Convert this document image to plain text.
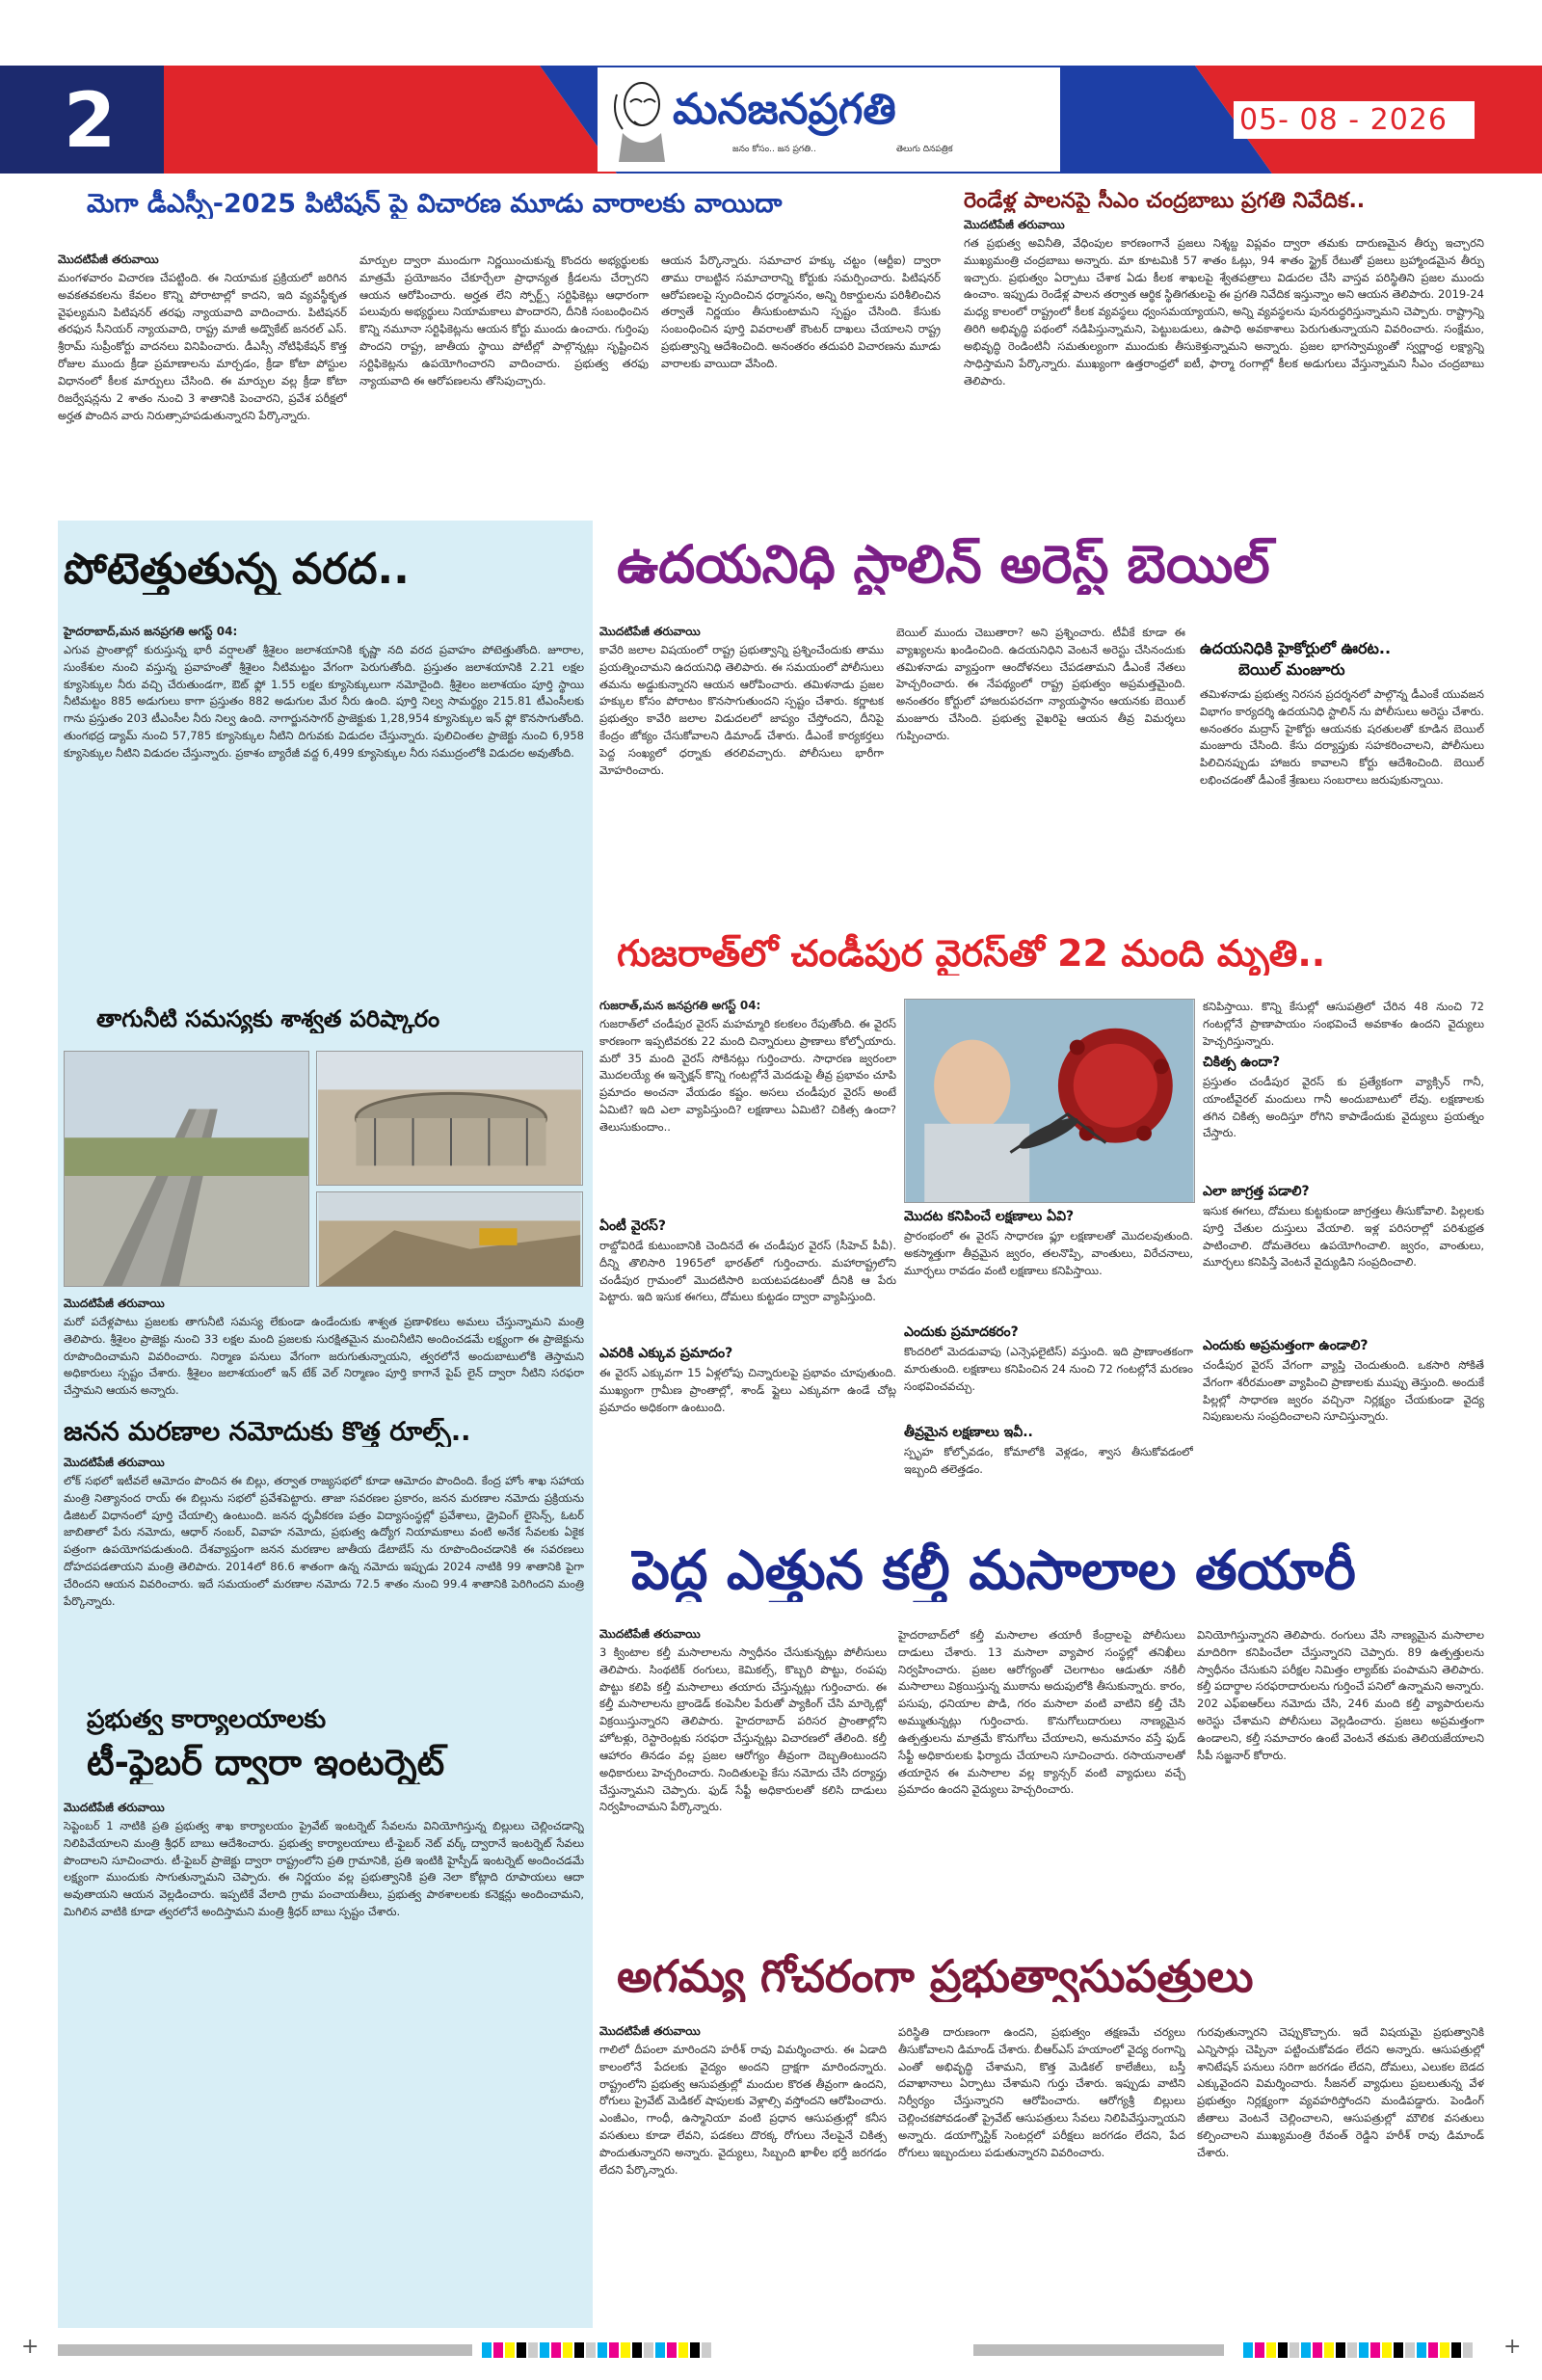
2	మనజనప్రగతి
జనం కోసం.. జన ప్రగతి..	తెలుగు దినపత్రిక
05- 08 - 2026
మెగా డీఎస్సీ-2025 పిటిషన్ పై విచారణ మూడు వారాలకు వాయిదా
మొదటిపేజీ తరువాయి
మంగళవారం విచారణ చేపట్టింది. ఈ నియామక ప్రక్రియలో జరిగిన అవకతవకలను కేవలం కొన్ని పోరాటాల్లో కాదని, ఇది వ్యవస్థీకృత వైఫల్యమని పిటిషనర్ తరఫు న్యాయవాది వాదించారు. పిటిషనర్ తరఫున సీనియర్ న్యాయవాది, రాష్ట్ర మాజీ అడ్వొకేట్ జనరల్ ఎస్. శ్రీరామ్ సుప్రీంకోర్టు వాదనలు వినిపించారు. డీఎస్సీ నోటిఫికేషన్ కొత్త రోజుల ముందు క్రీడా ప్రమాణాలను మార్చడం, క్రీడా కోటా పోస్టుల విధానంలో కీలక మార్పులు చేసింది. ఈ మార్పుల వల్ల క్రీడా కోటా రిజర్వేషన్లను 2 శాతం నుంచి 3 శాతానికి పెంచారని, ప్రవేశ పరీక్షలో అర్హత పొందిన వారు నిరుత్సాహపడుతున్నారని పేర్కొన్నారు.
మార్పుల ద్వారా ముందుగా నిర్ణయించుకున్న కొందరు అభ్యర్థులకు మాత్రమే ప్రయోజనం చేకూర్చేలా ప్రాధాన్యత క్రీడలను చేర్చారని ఆయన ఆరోపించారు. అర్హత లేని స్పోర్ట్స్ సర్టిఫికెట్లు ఆధారంగా పలువురు అభ్యర్థులు నియామకాలు పొందారని, దీనికి సంబంధించిన కొన్ని నమూనా సర్టిఫికెట్లను ఆయన కోర్టు ముందు ఉంచారు. గుర్తింపు పొందని రాష్ట్ర, జాతీయ స్థాయి పోటీల్లో పాల్గొన్నట్లు సృష్టించిన సర్టిఫికెట్లను ఉపయోగించారని వాదించారు. ప్రభుత్వ తరఫు న్యాయవాది ఈ ఆరోపణలను తోసిపుచ్చారు.
ఆయన పేర్కొన్నారు. సమాచార హక్కు చట్టం (ఆర్టీఐ) ద్వారా తాము రాబట్టిన సమాచారాన్ని కోర్టుకు సమర్పించారు. పిటిషనర్ ఆరోపణలపై స్పందించిన ధర్మాసనం, అన్ని రికార్డులను పరిశీలించిన తర్వాతే నిర్ణయం తీసుకుంటామని స్పష్టం చేసింది. కేసుకు సంబంధించిన పూర్తి వివరాలతో కౌంటర్ దాఖలు చేయాలని రాష్ట్ర ప్రభుత్వాన్ని ఆదేశించింది. అనంతరం తదుపరి విచారణను మూడు వారాలకు వాయిదా వేసింది.
రెండేళ్ల పాలనపై సీఎం చంద్రబాబు ప్రగతి నివేదిక..
మొదటిపేజీ తరువాయి
గత ప్రభుత్వ అవినీతి, వేధింపుల కారణంగానే ప్రజలు నిశ్శబ్ద విప్లవం ద్వారా తమకు దారుణమైన తీర్పు ఇచ్చారని ముఖ్యమంత్రి చంద్రబాబు అన్నారు. మా కూటమికి 57 శాతం ఓట్లు, 94 శాతం స్ట్రైక్ రేటుతో ప్రజలు బ్రహ్మాండమైన తీర్పు ఇచ్చారు. ప్రభుత్వం ఏర్పాటు చేశాక ఏడు కీలక శాఖలపై శ్వేతపత్రాలు విడుదల చేసి వాస్తవ పరిస్థితిని ప్రజల ముందు ఉంచాం. ఇప్పుడు రెండేళ్ల పాలన తర్వాత ఆర్థిక స్థితిగతులపై ఈ ప్రగతి నివేదిక ఇస్తున్నాం అని ఆయన తెలిపారు. 2019-24 మధ్య కాలంలో రాష్ట్రంలో కీలక వ్యవస్థలు ధ్వంసమయ్యాయని, అన్ని వ్యవస్థలను పునరుద్ధరిస్తున్నామని చెప్పారు. రాష్ట్రాన్ని తిరిగి అభివృద్ధి పథంలో నడిపిస్తున్నామని, పెట్టుబడులు, ఉపాధి అవకాశాలు పెరుగుతున్నాయని వివరించారు. సంక్షేమం, అభివృద్ధి రెండింటినీ సమతుల్యంగా ముందుకు తీసుకెళ్తున్నామని అన్నారు. ప్రజల భాగస్వామ్యంతో స్వర్ణాంధ్ర లక్ష్యాన్ని సాధిస్తామని పేర్కొన్నారు. ముఖ్యంగా ఉత్తరాంధ్రలో ఐటీ, ఫార్మా రంగాల్లో కీలక అడుగులు వేస్తున్నామని సీఎం చంద్రబాబు తెలిపారు.
పోటెత్తుతున్న వరద..
హైదరాబాద్,మన జనప్రగతి అగస్ట్ 04:
ఎగువ ప్రాంతాల్లో కురుస్తున్న భారీ వర్షాలతో శ్రీశైలం జలాశయానికి కృష్ణా నది వరద ప్రవాహం పోటెత్తుతోంది. జూరాల, సుంకేశుల నుంచి వస్తున్న ప్రవాహంతో శ్రీశైలం నీటిమట్టం వేగంగా పెరుగుతోంది. ప్రస్తుతం జలాశయానికి 2.21 లక్షల క్యూసెక్కుల నీరు వచ్చి చేరుతుండగా, ఔట్ ఫ్లో 1.55 లక్షల క్యూసెక్కులుగా నమోదైంది. శ్రీశైలం జలాశయం పూర్తి స్థాయి నీటిమట్టం 885 అడుగులు కాగా ప్రస్తుతం 882 అడుగుల మేర నీరు ఉంది. పూర్తి నిల్వ సామర్థ్యం 215.81 టీఎంసీలకు గాను ప్రస్తుతం 203 టీఎంసీల నీరు నిల్వ ఉంది. నాగార్జునసాగర్ ప్రాజెక్టుకు 1,28,954 క్యూసెక్కుల ఇన్ ఫ్లో కొనసాగుతోంది. తుంగభద్ర డ్యామ్ నుంచి 57,785 క్యూసెక్కుల నీటిని దిగువకు విడుదల చేస్తున్నారు. పులిచింతల ప్రాజెక్టు నుంచి 6,958 క్యూసెక్కుల నీటిని విడుదల చేస్తున్నారు. ప్రకాశం బ్యారేజీ వద్ద 6,499 క్యూసెక్కుల నీరు సముద్రంలోకి విడుదల అవుతోంది.
తాగునీటి సమస్యకు శాశ్వత పరిష్కారం
మొదటిపేజీ తరువాయి
మరో పదేళ్లపాటు ప్రజలకు తాగునీటి సమస్య లేకుండా ఉండేందుకు శాశ్వత ప్రణాళికలు అమలు చేస్తున్నామని మంత్రి తెలిపారు. శ్రీశైలం ప్రాజెక్టు నుంచి 33 లక్షల మంది ప్రజలకు సురక్షితమైన మంచినీటిని అందించడమే లక్ష్యంగా ఈ ప్రాజెక్టును రూపొందించామని వివరించారు. నిర్మాణ పనులు వేగంగా జరుగుతున్నాయని, త్వరలోనే అందుబాటులోకి తెస్తామని అధికారులు స్పష్టం చేశారు. శ్రీశైలం జలాశయంలో ఇన్ టేక్ వెల్ నిర్మాణం పూర్తి కాగానే పైప్ లైన్ ద్వారా నీటిని సరఫరా చేస్తామని ఆయన అన్నారు.
జనన మరణాల నమోదుకు కొత్త రూల్స్..
మొదటిపేజీ తరువాయి
లోక్ సభలో ఇటీవలే ఆమోదం పొందిన ఈ బిల్లు, తర్వాత రాజ్యసభలో కూడా ఆమోదం పొందింది. కేంద్ర హోం శాఖ సహాయ మంత్రి నిత్యానంద రాయ్ ఈ బిల్లును సభలో ప్రవేశపెట్టారు. తాజా సవరణల ప్రకారం, జనన మరణాల నమోదు ప్రక్రియను డిజిటల్ విధానంలో పూర్తి చేయాల్సి ఉంటుంది. జనన ధృవీకరణ పత్రం విద్యాసంస్థల్లో ప్రవేశాలు, డ్రైవింగ్ లైసెన్స్, ఓటర్ జాబితాలో పేరు నమోదు, ఆధార్ నంబర్, వివాహ నమోదు, ప్రభుత్వ ఉద్యోగ నియామకాలు వంటి అనేక సేవలకు ఏకైక పత్రంగా ఉపయోగపడుతుంది. దేశవ్యాప్తంగా జనన మరణాల జాతీయ డేటాబేస్ ను రూపొందించడానికి ఈ సవరణలు దోహదపడతాయని మంత్రి తెలిపారు. 2014లో 86.6 శాతంగా ఉన్న నమోదు ఇప్పుడు 2024 నాటికి 99 శాతానికి పైగా చేరిందని ఆయన వివరించారు. ఇదే సమయంలో మరణాల నమోదు 72.5 శాతం నుంచి 99.4 శాతానికి పెరిగిందని మంత్రి పేర్కొన్నారు.
ప్రభుత్వ కార్యాలయాలకు
టీ-ఫైబర్ ద్వారా ఇంటర్నెట్
మొదటిపేజీ తరువాయి
సెప్టెంబర్ 1 నాటికి ప్రతి ప్రభుత్వ శాఖ కార్యాలయం ప్రైవేట్ ఇంటర్నెట్ సేవలను వినియోగిస్తున్న బిల్లులు చెల్లించడాన్ని నిలిపివేయాలని మంత్రి శ్రీధర్ బాబు ఆదేశించారు. ప్రభుత్వ కార్యాలయాలు టీ-ఫైబర్ నెట్ వర్క్ ద్వారానే ఇంటర్నెట్ సేవలు పొందాలని సూచించారు. టీ-ఫైబర్ ప్రాజెక్టు ద్వారా రాష్ట్రంలోని ప్రతి గ్రామానికి, ప్రతి ఇంటికి హైస్పీడ్ ఇంటర్నెట్ అందించడమే లక్ష్యంగా ముందుకు సాగుతున్నామని చెప్పారు. ఈ నిర్ణయం వల్ల ప్రభుత్వానికి ప్రతి నెలా కోట్లాది రూపాయలు ఆదా అవుతాయని ఆయన వెల్లడించారు. ఇప్పటికే వేలాది గ్రామ పంచాయతీలు, ప్రభుత్వ పాఠశాలలకు కనెక్షన్లు అందించామని, మిగిలిన వాటికి కూడా త్వరలోనే అందిస్తామని మంత్రి శ్రీధర్ బాబు స్పష్టం చేశారు.
ఉదయనిధి స్టాలిన్ అరెస్ట్ బెయిల్
మొదటిపేజీ తరువాయి
కావేరి జలాల విషయంలో రాష్ట్ర ప్రభుత్వాన్ని ప్రశ్నించేందుకు తాము ప్రయత్నించామని ఉదయనిధి తెలిపారు. ఈ సమయంలో పోలీసులు తమను అడ్డుకున్నారని ఆయన ఆరోపించారు. తమిళనాడు ప్రజల హక్కుల కోసం పోరాటం కొనసాగుతుందని స్పష్టం చేశారు. కర్ణాటక ప్రభుత్వం కావేరి జలాల విడుదలలో జాప్యం చేస్తోందని, దీనిపై కేంద్రం జోక్యం చేసుకోవాలని డిమాండ్ చేశారు. డీఎంకే కార్యకర్తలు పెద్ద సంఖ్యలో ధర్నాకు తరలివచ్చారు. పోలీసులు భారీగా మోహరించారు.
బెయిల్ ముందు చెబుతారా? అని ప్రశ్నించారు. టీవీకే కూడా ఈ వ్యాఖ్యలను ఖండించింది. ఉదయనిధిని వెంటనే అరెస్టు చేసినందుకు తమిళనాడు వ్యాప్తంగా ఆందోళనలు చేపడతామని డీఎంకే నేతలు హెచ్చరించారు. ఈ నేపథ్యంలో రాష్ట్ర ప్రభుత్వం అప్రమత్తమైంది. అనంతరం కోర్టులో హాజరుపరచగా న్యాయస్థానం ఆయనకు బెయిల్ మంజూరు చేసింది. ప్రభుత్వ వైఖరిపై ఆయన తీవ్ర విమర్శలు గుప్పించారు.
ఉదయనిధికి హైకోర్టులో ఊరట..
బెయిల్ మంజూరు
తమిళనాడు ప్రభుత్వ నిరసన ప్రదర్శనలో పాల్గొన్న డీఎంకే యువజన విభాగం కార్యదర్శి ఉదయనిధి స్టాలిన్ ను పోలీసులు అరెస్టు చేశారు. అనంతరం మద్రాస్ హైకోర్టు ఆయనకు షరతులతో కూడిన బెయిల్ మంజూరు చేసింది. కేసు దర్యాప్తుకు సహకరించాలని, పోలీసులు పిలిచినప్పుడు హాజరు కావాలని కోర్టు ఆదేశించింది. బెయిల్ లభించడంతో డీఎంకే శ్రేణులు సంబరాలు జరుపుకున్నాయి.
గుజరాత్‌లో చండీపుర వైరస్‌తో 22 మంది మృతి..
గుజరాత్,మన జనప్రగతి అగస్ట్ 04:
గుజరాత్‌లో చండీపుర వైరస్ మహమ్మారి కలకలం రేపుతోంది. ఈ వైరస్ కారణంగా ఇప్పటివరకు 22 మంది చిన్నారులు ప్రాణాలు కోల్పోయారు. మరో 35 మంది వైరస్ సోకినట్లు గుర్తించారు. సాధారణ జ్వరంలా మొదలయ్యే ఈ ఇన్ఫెక్షన్ కొన్ని గంటల్లోనే మెదడుపై తీవ్ర ప్రభావం చూపి ప్రమాదం అంచనా వేయడం కష్టం. అసలు చండీపుర వైరస్ అంటే ఏమిటి? ఇది ఎలా వ్యాపిస్తుంది? లక్షణాలు ఏమిటి? చికిత్స ఉందా? తెలుసుకుందాం..
ఏంటీ వైరస్?
రాబ్డోవిరిడే కుటుంబానికి చెందినదే ఈ చండీపుర వైరస్ (సీహెచ్ పీవీ). దీన్ని తొలిసారి 1965లో భారత్‌లో గుర్తించారు. మహారాష్ట్రలోని చండీపుర గ్రామంలో మొదటిసారి బయటపడటంతో దీనికి ఆ పేరు పెట్టారు. ఇది ఇసుక ఈగలు, దోమలు కుట్టడం ద్వారా వ్యాపిస్తుంది.
ఎవరికి ఎక్కువ ప్రమాదం?
ఈ వైరస్ ఎక్కువగా 15 ఏళ్లలోపు చిన్నారులపై ప్రభావం చూపుతుంది. ముఖ్యంగా గ్రామీణ ప్రాంతాల్లో, శాండ్ ఫ్లైలు ఎక్కువగా ఉండే చోట్ల ప్రమాదం అధికంగా ఉంటుంది.
మొదట కనిపించే లక్షణాలు ఏవి?
ప్రారంభంలో ఈ వైరస్ సాధారణ ఫ్లూ లక్షణాలతో మొదలవుతుంది. అకస్మాత్తుగా తీవ్రమైన జ్వరం, తలనొప్పి, వాంతులు, విరేచనాలు, మూర్ఛలు రావడం వంటి లక్షణాలు కనిపిస్తాయి.
ఎందుకు ప్రమాదకరం?
కొందరిలో మెదడువాపు (ఎన్సెఫలైటిస్) వస్తుంది. ఇది ప్రాణాంతకంగా మారుతుంది. లక్షణాలు కనిపించిన 24 నుంచి 72 గంటల్లోనే మరణం సంభవించవచ్చు.
తీవ్రమైన లక్షణాలు ఇవీ..
స్పృహ కోల్పోవడం, కోమాలోకి వెళ్లడం, శ్వాస తీసుకోవడంలో ఇబ్బంది తలెత్తడం.
కనిపిస్తాయి. కొన్ని కేసుల్లో ఆసుపత్రిలో చేరిన 48 నుంచి 72 గంటల్లోనే ప్రాణాపాయం సంభవించే అవకాశం ఉందని వైద్యులు హెచ్చరిస్తున్నారు.
చికిత్స ఉందా?
ప్రస్తుతం చండీపుర వైరస్ కు ప్రత్యేకంగా వ్యాక్సిన్ గానీ, యాంటీవైరల్ మందులు గానీ అందుబాటులో లేవు. లక్షణాలకు తగిన చికిత్స అందిస్తూ రోగిని కాపాడేందుకు వైద్యులు ప్రయత్నం చేస్తారు.
ఎలా జాగ్రత్త పడాలి?
ఇసుక ఈగలు, దోమలు కుట్టకుండా జాగ్రత్తలు తీసుకోవాలి. పిల్లలకు పూర్తి చేతుల దుస్తులు వేయాలి. ఇళ్ల పరిసరాల్లో పరిశుభ్రత పాటించాలి. దోమతెరలు ఉపయోగించాలి. జ్వరం, వాంతులు, మూర్ఛలు కనిపిస్తే వెంటనే వైద్యుడిని సంప్రదించాలి.
ఎందుకు అప్రమత్తంగా ఉండాలి?
చండీపుర వైరస్ వేగంగా వ్యాప్తి చెందుతుంది. ఒకసారి సోకితే వేగంగా శరీరమంతా వ్యాపించి ప్రాణాలకు ముప్పు తెస్తుంది. అందుకే పిల్లల్లో సాధారణ జ్వరం వచ్చినా నిర్లక్ష్యం చేయకుండా వైద్య నిపుణులను సంప్రదించాలని సూచిస్తున్నారు.
పెద్ద ఎత్తున కల్తీ మసాలాల తయారీ
మొదటిపేజీ తరువాయి
3 క్వింటాల కల్తీ మసాలాలను స్వాధీనం చేసుకున్నట్లు పోలీసులు తెలిపారు. సింథటిక్ రంగులు, కెమికల్స్, కొబ్బరి పొట్టు, రంపపు పొట్టు కలిపి కల్తీ మసాలాలు తయారు చేస్తున్నట్లు గుర్తించారు. ఈ కల్తీ మసాలాలను బ్రాండెడ్ కంపెనీల పేరుతో ప్యాకింగ్ చేసి మార్కెట్లో విక్రయిస్తున్నారని తెలిపారు. హైదరాబాద్ పరిసర ప్రాంతాల్లోని హోటళ్లు, రెస్టారెంట్లకు సరఫరా చేస్తున్నట్లు విచారణలో తేలింది. కల్తీ ఆహారం తినడం వల్ల ప్రజల ఆరోగ్యం తీవ్రంగా దెబ్బతింటుందని అధికారులు హెచ్చరించారు. నిందితులపై కేసు నమోదు చేసి దర్యాప్తు చేస్తున్నామని చెప్పారు. ఫుడ్ సేఫ్టీ అధికారులతో కలిసి దాడులు నిర్వహించామని పేర్కొన్నారు.
హైదరాబాద్‌లో కల్తీ మసాలాల తయారీ కేంద్రాలపై పోలీసులు దాడులు చేశారు. 13 మసాలా వ్యాపార సంస్థల్లో తనిఖీలు నిర్వహించారు. ప్రజల ఆరోగ్యంతో చెలగాటం ఆడుతూ నకిలీ మసాలాలు విక్రయిస్తున్న ముఠాను అదుపులోకి తీసుకున్నారు. కారం, పసుపు, ధనియాల పొడి, గరం మసాలా వంటి వాటిని కల్తీ చేసి అమ్ముతున్నట్లు గుర్తించారు. కొనుగోలుదారులు నాణ్యమైన ఉత్పత్తులను మాత్రమే కొనుగోలు చేయాలని, అనుమానం వస్తే ఫుడ్ సేఫ్టీ అధికారులకు ఫిర్యాదు చేయాలని సూచించారు. రసాయనాలతో తయారైన ఈ మసాలాల వల్ల క్యాన్సర్ వంటి వ్యాధులు వచ్చే ప్రమాదం ఉందని వైద్యులు హెచ్చరించారు.
వినియోగిస్తున్నారని తెలిపారు. రంగులు వేసి నాణ్యమైన మసాలాల మాదిరిగా కనిపించేలా చేస్తున్నారని చెప్పారు. 89 ఉత్పత్తులను స్వాధీనం చేసుకుని పరీక్షల నిమిత్తం ల్యాబ్‌కు పంపామని తెలిపారు. కల్తీ పదార్థాల సరఫరాదారులను గుర్తించే పనిలో ఉన్నామని అన్నారు. 202 ఎఫ్‌ఐఆర్‌లు నమోదు చేసి, 246 మంది కల్తీ వ్యాపారులను అరెస్టు చేశామని పోలీసులు వెల్లడించారు. ప్రజలు అప్రమత్తంగా ఉండాలని, కల్తీ సమాచారం ఉంటే వెంటనే తమకు తెలియజేయాలని సీపీ సజ్జనార్ కోరారు.
అగమ్య గోచరంగా ప్రభుత్వాసుపత్రులు
మొదటిపేజీ తరువాయి
గాలిలో దీపంలా మారిందని హరీశ్ రావు విమర్శించారు. ఈ ఏడాది కాలంలోనే పేదలకు వైద్యం అందని ద్రాక్షగా మారిందన్నారు. రాష్ట్రంలోని ప్రభుత్వ ఆసుపత్రుల్లో మందుల కొరత తీవ్రంగా ఉందని, రోగులు ప్రైవేట్ మెడికల్ షాపులకు వెళ్లాల్సి వస్తోందని ఆరోపించారు. ఎంజీఎం, గాంధీ, ఉస్మానియా వంటి ప్రధాన ఆసుపత్రుల్లో కనీస వసతులు కూడా లేవని, పడకలు దొరక్క రోగులు నేలపైనే చికిత్స పొందుతున్నారని అన్నారు. వైద్యులు, సిబ్బంది ఖాళీల భర్తీ జరగడం లేదని పేర్కొన్నారు.
పరిస్థితి దారుణంగా ఉందని, ప్రభుత్వం తక్షణమే చర్యలు తీసుకోవాలని డిమాండ్ చేశారు. బీఆర్ఎస్ హయాంలో వైద్య రంగాన్ని ఎంతో అభివృద్ధి చేశామని, కొత్త మెడికల్ కాలేజీలు, బస్తీ దవాఖానాలు ఏర్పాటు చేశామని గుర్తు చేశారు. ఇప్పుడు వాటిని నిర్వీర్యం చేస్తున్నారని ఆరోపించారు. ఆరోగ్యశ్రీ బిల్లులు చెల్లించకపోవడంతో ప్రైవేట్ ఆసుపత్రులు సేవలు నిలిపివేస్తున్నాయని అన్నారు. డయాగ్నొస్టిక్ సెంటర్లలో పరీక్షలు జరగడం లేదని, పేద రోగులు ఇబ్బందులు పడుతున్నారని వివరించారు.
గురవుతున్నారని చెప్పుకొచ్చారు. ఇదే విషయమై ప్రభుత్వానికి ఎన్నిసార్లు చెప్పినా పట్టించుకోవడం లేదని అన్నారు. ఆసుపత్రుల్లో శానిటేషన్ పనులు సరిగా జరగడం లేదని, దోమలు, ఎలుకల బెడద ఎక్కువైందని విమర్శించారు. సీజనల్ వ్యాధులు ప్రబలుతున్న వేళ ప్రభుత్వం నిర్లక్ష్యంగా వ్యవహరిస్తోందని మండిపడ్డారు. పెండింగ్ జీతాలు వెంటనే చెల్లించాలని, ఆసుపత్రుల్లో మౌలిక వసతులు కల్పించాలని ముఖ్యమంత్రి రేవంత్ రెడ్డిని హరీశ్ రావు డిమాండ్ చేశారు.
+	+
